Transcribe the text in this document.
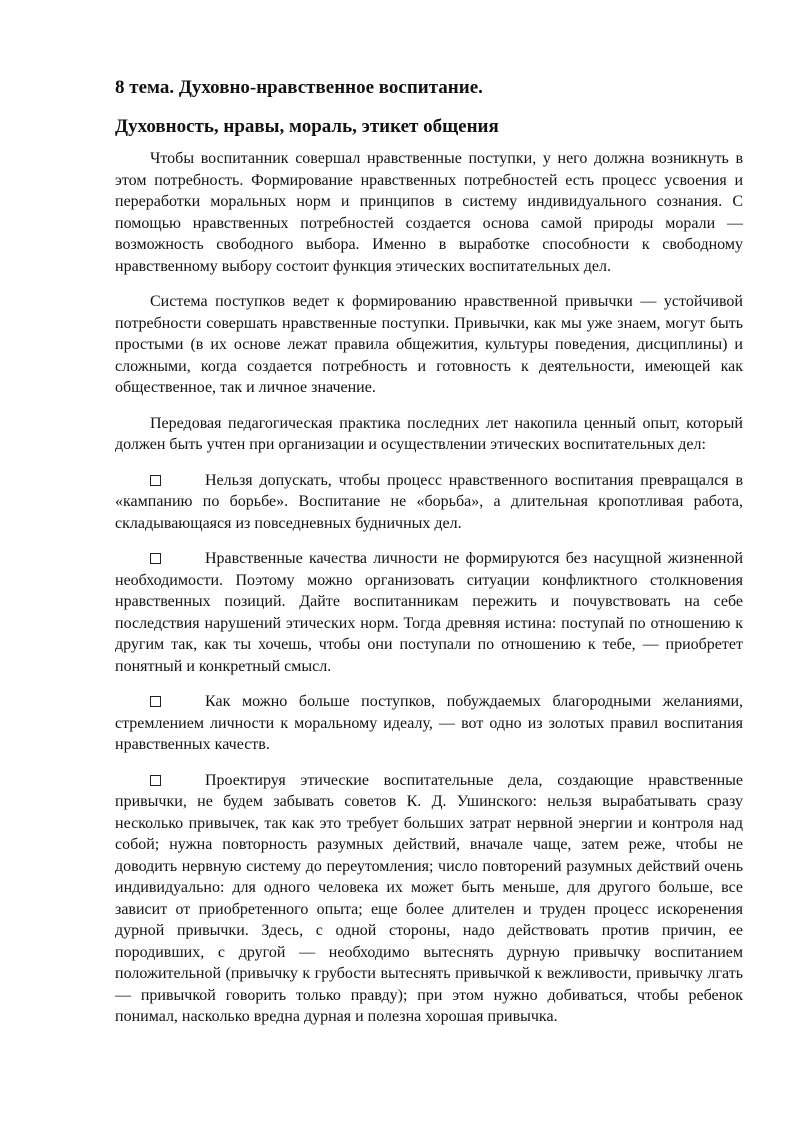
8 тема. Духовно-нравственное воспитание.
Духовность, нравы, мораль, этикет общения

Чтобы воспитанник совершал нравственные поступки, у него должна возникнуть в этом потребность. Формирование нравственных потребностей есть процесс усвоения и переработки моральных норм и принципов в систему индивидуального сознания. С помощью нравственных потребностей создается основа самой природы морали — возможность свободного выбора. Именно в выработке способности к свободному нравственному выбору состоит функция этических воспитательных дел.

Система поступков ведет к формированию нравственной привычки — устойчивой потребности совершать нравственные поступки. Привычки, как мы уже знаем, могут быть простыми (в их основе лежат правила общежития, культуры поведения, дисциплины) и сложными, когда создается потребность и готовность к деятельности, имеющей как общественное, так и личное значение.

Передовая педагогическая практика последних лет накопила ценный опыт, который должен быть учтен при организации и осуществлении этических воспитательных дел:

Нельзя допускать, чтобы процесс нравственного воспитания превращался в «кампанию по борьбе». Воспитание не «борьба», а длительная кропотливая работа, складывающаяся из повседневных будничных дел.
Нравственные качества личности не формируются без насущной жизненной необходимости. Поэтому можно организовать ситуации конфликтного столкновения нравственных позиций. Дайте воспитанникам пережить и почувствовать на себе последствия нарушений этических норм. Тогда древняя истина: поступай по отношению к другим так, как ты хочешь, чтобы они поступали по отношению к тебе, — приобретет понятный и конкретный смысл.
Как можно больше поступков, побуждаемых благородными желаниями, стремлением личности к моральному идеалу, — вот одно из золотых правил воспитания нравственных качеств.
Проектируя этические воспитательные дела, создающие нравственные привычки, не будем забывать советов К. Д. Ушинского: нельзя вырабатывать сразу несколько привычек, так как это требует больших затрат нервной энергии и контроля над собой; нужна повторность разумных действий, вначале чаще, затем реже, чтобы не доводить нервную систему до переутомления; число повторений разумных действий очень индивидуально: для одного человека их может быть меньше, для другого больше, все зависит от приобретенного опыта; еще более длителен и труден процесс искоренения дурной привычки. Здесь, с одной стороны, надо действовать против причин, ее породивших, с другой — необходимо вытеснять дурную привычку воспитанием положительной (привычку к грубости вытеснять привычкой к вежливости, привычку лгать — привычкой говорить только правду); при этом нужно добиваться, чтобы ребенок понимал, насколько вредна дурная и полезна хорошая привычка.
